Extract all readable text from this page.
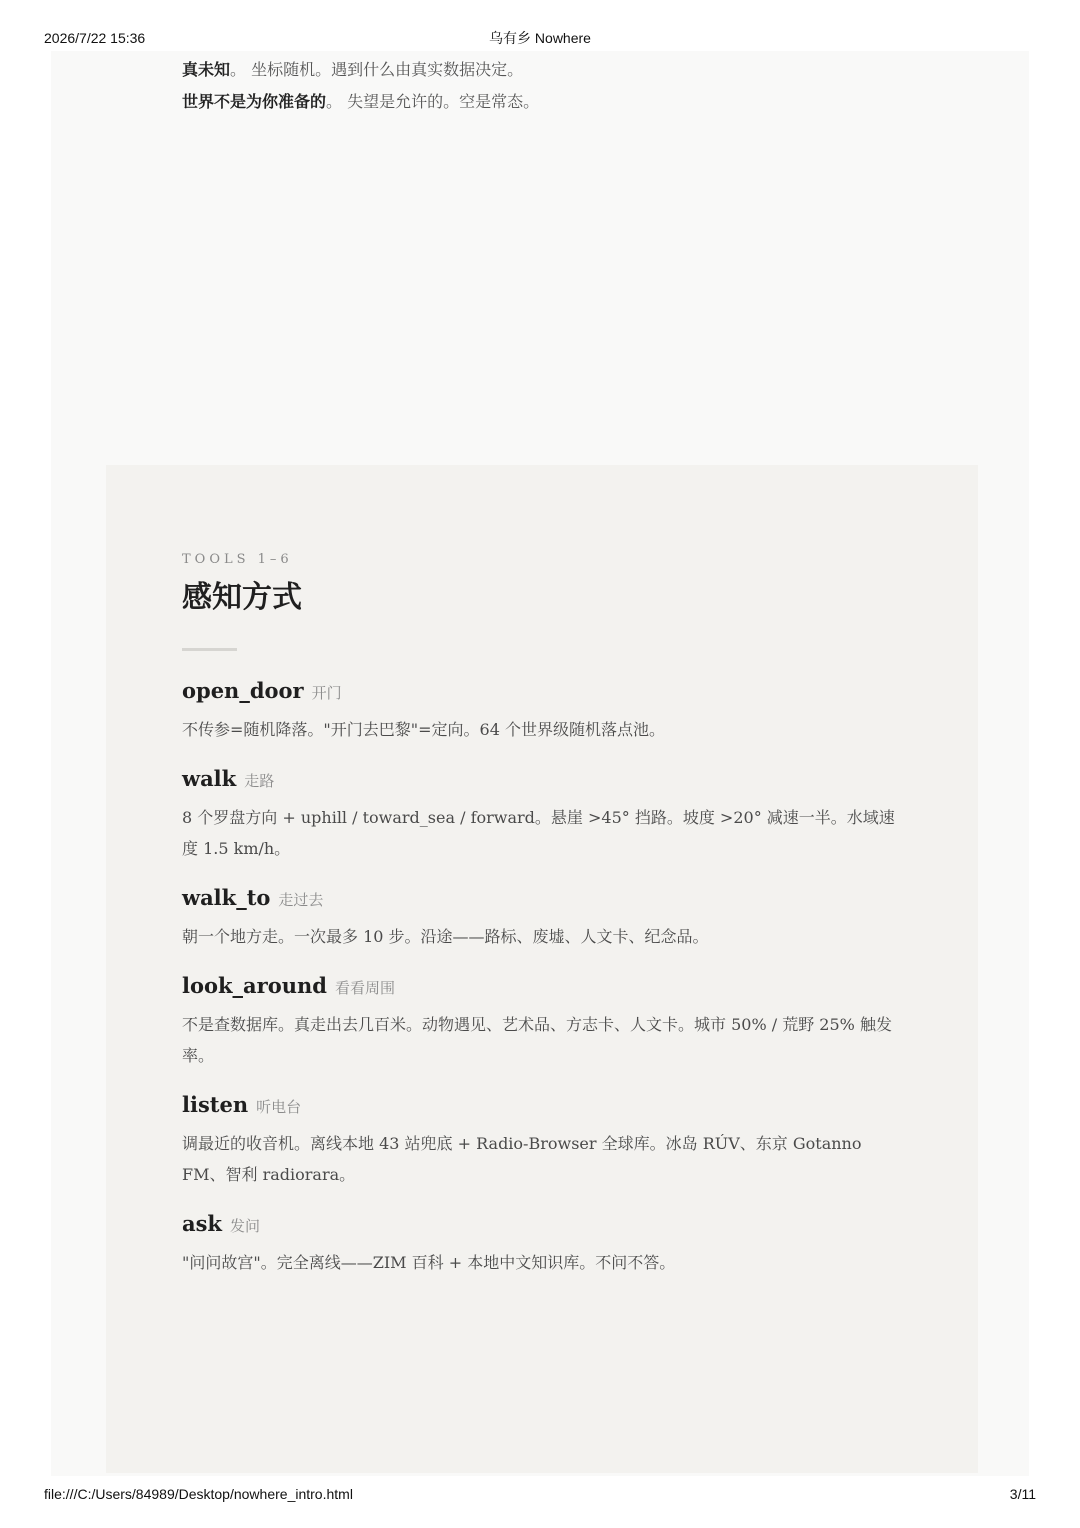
2026/7/22 15:36	乌有乡 Nowhere
真未知。 坐标随机。遇到什么由真实数据决定。
世界不是为你准备的。 失望是允许的。空是常态。
TOOLS 1–6
感知方式
open_door 开门
不传参=随机降落。"开门去巴黎"=定向。64 个世界级随机落点池。
walk 走路
8 个罗盘方向 + uphill / toward_sea / forward。悬崖 >45° 挡路。坡度 >20° 减速一半。水域速度 1.5 km/h。
walk_to 走过去
朝一个地方走。一次最多 10 步。沿途——路标、废墟、人文卡、纪念品。
look_around 看看周围
不是查数据库。真走出去几百米。动物遇见、艺术品、方志卡、人文卡。城市 50% / 荒野 25% 触发率。
listen 听电台
调最近的收音机。离线本地 43 站兜底 + Radio-Browser 全球库。冰岛 RÚV、东京 Gotanno FM、智利 radiorara。
ask 发问
"问问故宫"。完全离线——ZIM 百科 + 本地中文知识库。不问不答。
file:///C:/Users/84989/Desktop/nowhere_intro.html	3/11
